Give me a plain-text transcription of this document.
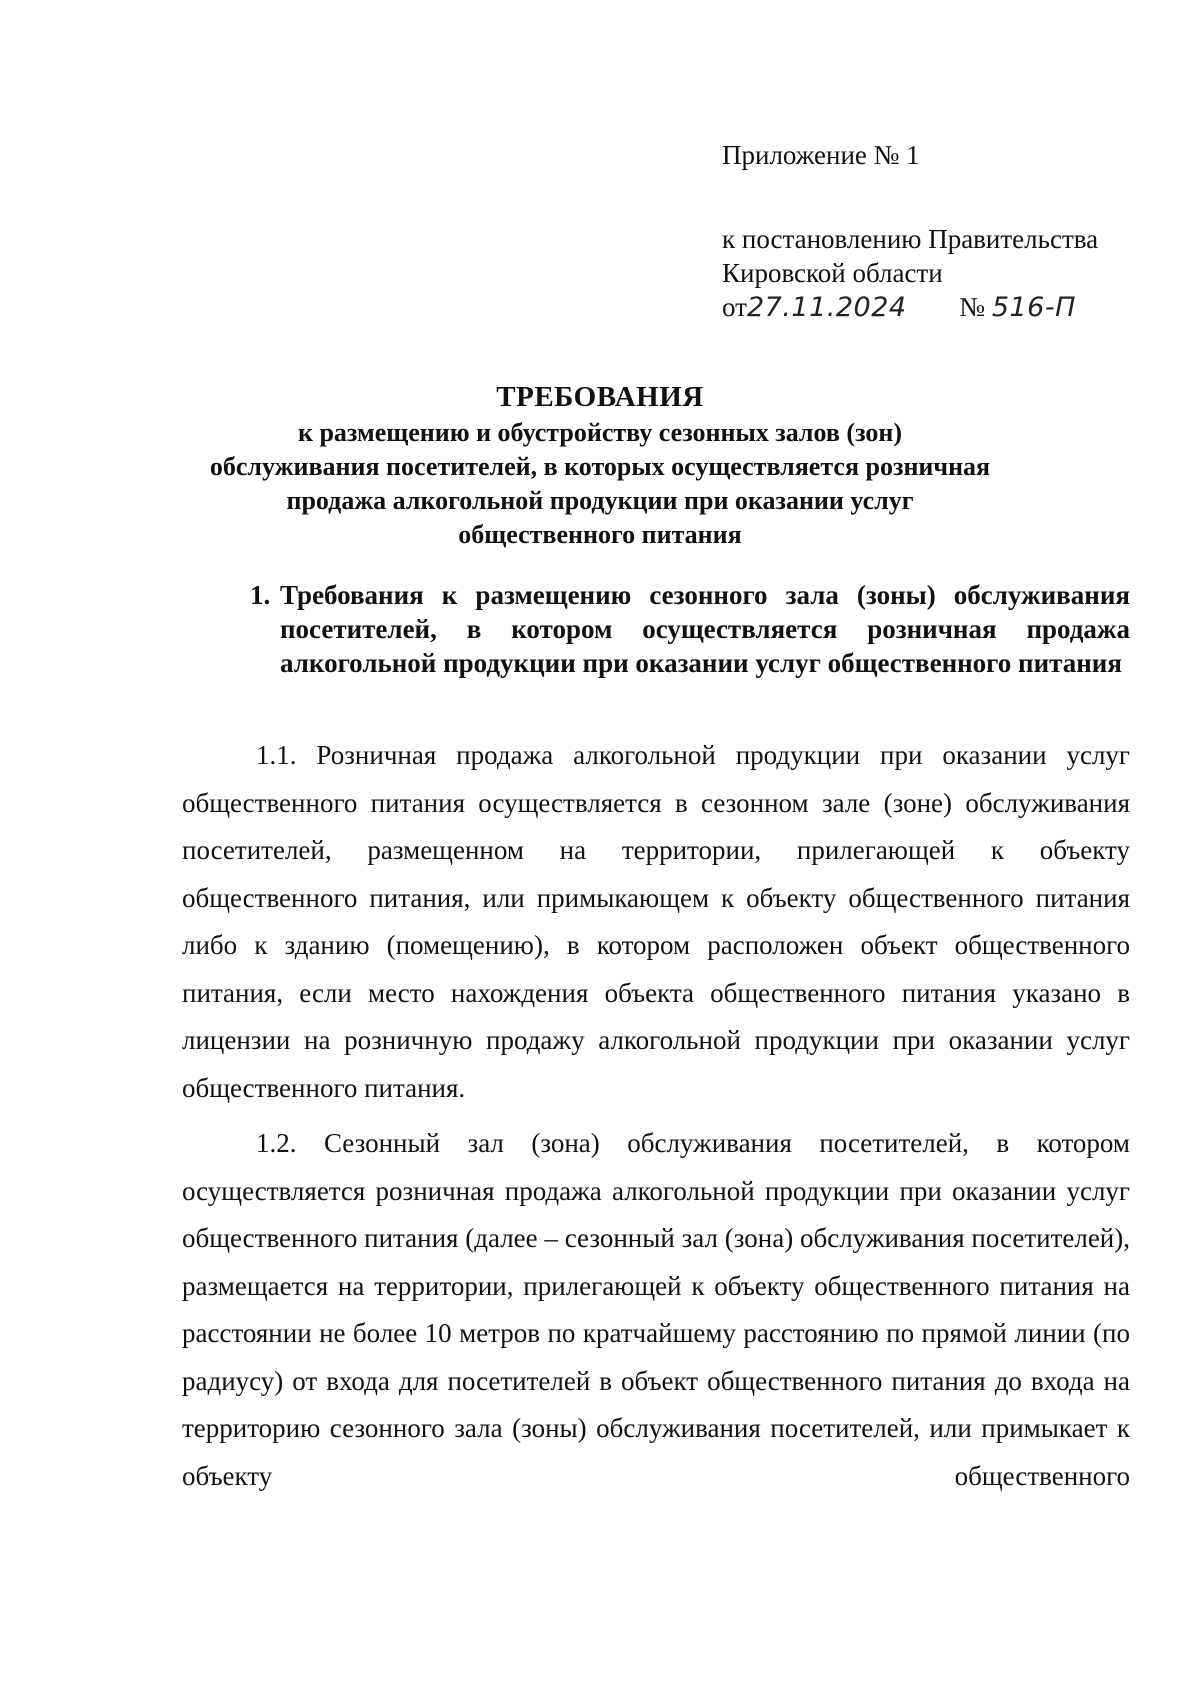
Приложение № 1
к постановлению Правительства
Кировской области
от27.11.2024 № 516-П
ТРЕБОВАНИЯ
к размещению и обустройству сезонных залов (зон)
обслуживания посетителей, в которых осуществляется розничная
продажа алкогольной продукции при оказании услуг
общественного питания
1. Требования к размещению сезонного зала (зоны) обслуживания посетителей, в котором осуществляется розничная продажа алкогольной продукции при оказании услуг общественного питания

1.1. Розничная продажа алкогольной продукции при оказании услуг общественного питания осуществляется в сезонном зале (зоне) обслуживания посетителей, размещенном на территории, прилегающей к объекту общественного питания, или примыкающем к объекту общественного питания либо к зданию (помещению), в котором расположен объект общественного питания, если место нахождения объекта общественного питания указано в лицензии на розничную продажу алкогольной продукции при оказании услуг общественного питания.

1.2. Сезонный зал (зона) обслуживания посетителей, в котором осуществляется розничная продажа алкогольной продукции при оказании услуг общественного питания (далее – сезонный зал (зона) обслуживания посетителей), размещается на территории, прилегающей к объекту общественного питания на расстоянии не более 10 метров по кратчайшему расстоянию по прямой линии (по радиусу) от входа для посетителей в объект общественного питания до входа на территорию сезонного зала (зоны) обслуживания посетителей, или примыкает к объекту общественного
